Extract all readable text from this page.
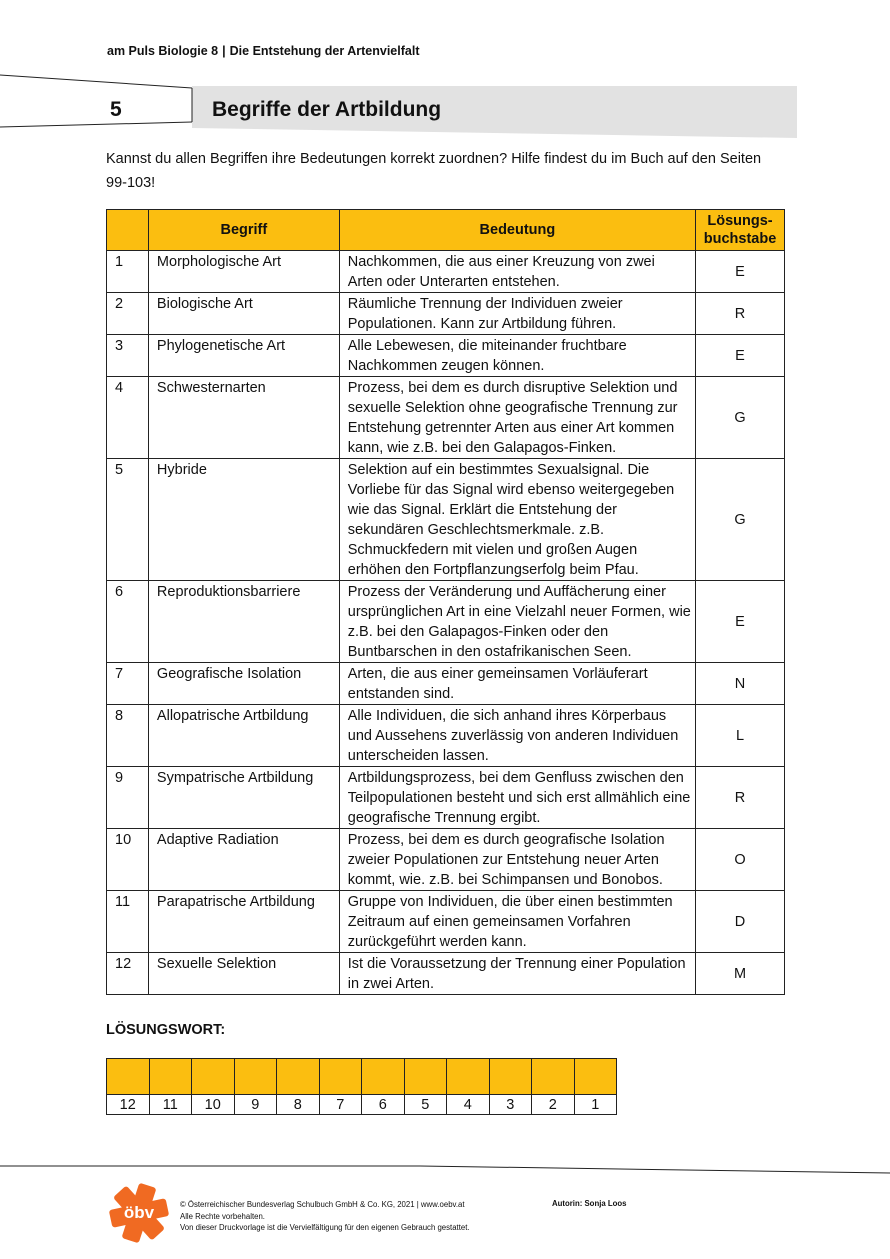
am Puls Biologie 8 | Die Entstehung der Artenvielfalt
5	Begriffe der Artbildung
Kannst du allen Begriffen ihre Bedeutungen korrekt zuordnen? Hilfe findest du im Buch auf den Seiten 99-103!
	Begriff	Bedeutung	Lösungs-
buchstabe
1	Morphologische Art	Nachkommen, die aus einer Kreuzung von zwei Arten oder Unterarten entstehen.	E
2	Biologische Art	Räumliche Trennung der Individuen zweier Populationen. Kann zur Artbildung führen.	R
3	Phylogenetische Art	Alle Lebewesen, die miteinander fruchtbare Nachkommen zeugen können.	E
4	Schwesternarten	Prozess, bei dem es durch disruptive Selektion und sexuelle Selektion ohne geografische Trennung zur Entstehung getrennter Arten aus einer Art kommen kann, wie z.B. bei den Galapagos-Finken.	G
5	Hybride	Selektion auf ein bestimmtes Sexualsignal. Die Vorliebe für das Signal wird ebenso weitergegeben wie das Signal. Erklärt die Entstehung der sekundären Geschlechtsmerkmale. z.B. Schmuckfedern mit vielen und großen Augen erhöhen den Fortpflanzungserfolg beim Pfau.	G
6	Reproduktionsbarriere	Prozess der Veränderung und Auffächerung einer ursprünglichen Art in eine Vielzahl neuer Formen, wie z.B. bei den Galapagos-Finken oder den Buntbarschen in den ostafrikanischen Seen.	E
7	Geografische Isolation	Arten, die aus einer gemeinsamen Vorläuferart entstanden sind.	N
8	Allopatrische Artbildung	Alle Individuen, die sich anhand ihres Körperbaus und Aussehens zuverlässig von anderen Individuen unterscheiden lassen.	L
9	Sympatrische Artbildung	Artbildungsprozess, bei dem Genfluss zwischen den Teilpopulationen besteht und sich erst allmählich eine geografische Trennung ergibt.	R
10	Adaptive Radiation	Prozess, bei dem es durch geografische Isolation zweier Populationen zur Entstehung neuer Arten kommt, wie. z.B. bei Schimpansen und Bonobos.	O
11	Parapatrische Artbildung	Gruppe von Individuen, die über einen bestimmten Zeitraum auf einen gemeinsamen Vorfahren zurückgeführt werden kann.	D
12	Sexuelle Selektion	Ist die Voraussetzung der Trennung einer Population in zwei Arten.	M
LÖSUNGSWORT:

12	11	10	9	8	7	6	5	4	3	2	1
öbv	© Österreichischer Bundesverlag Schulbuch GmbH & Co. KG, 2021 | www.oebv.at
Alle Rechte vorbehalten.
Von dieser Druckvorlage ist die Vervielfältigung für den eigenen Gebrauch gestattet.
Autorin: Sonja Loos
